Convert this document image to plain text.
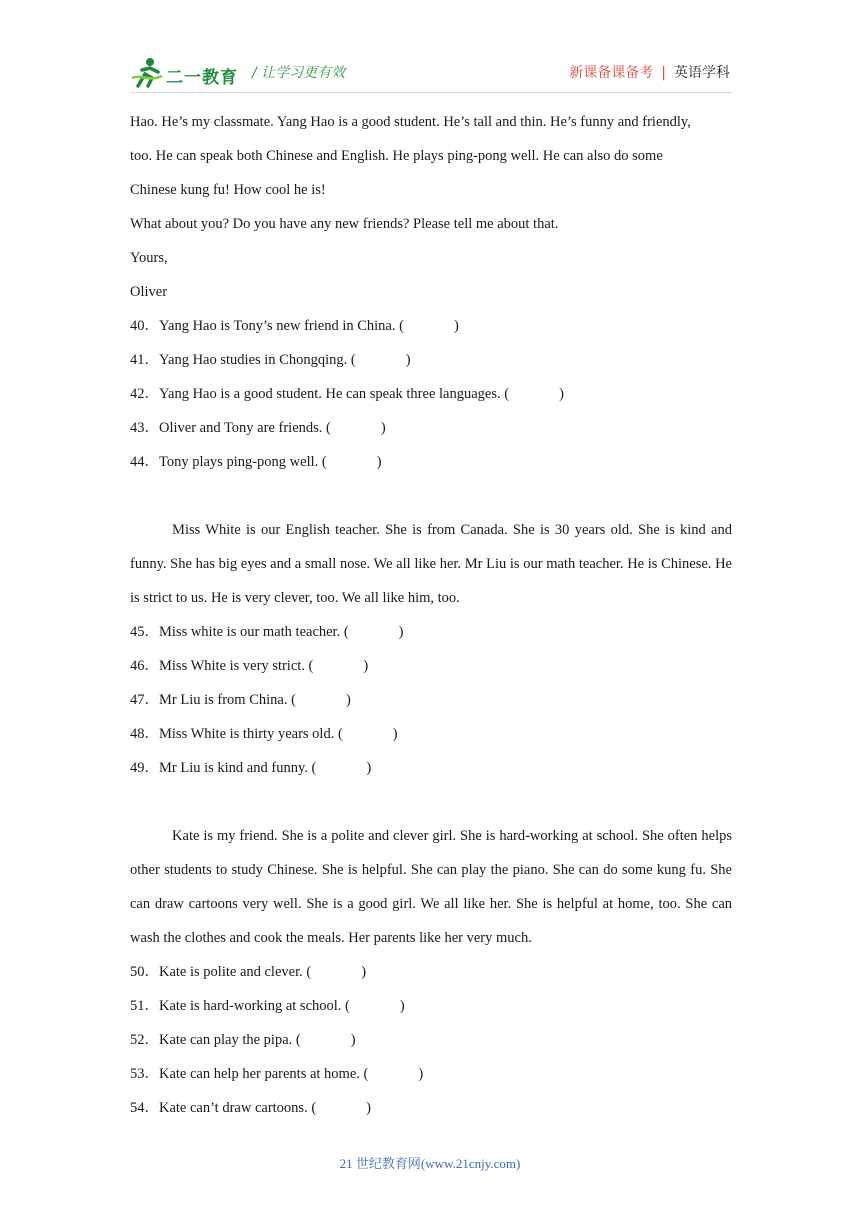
二一教育 / 让学习更有效	新课备课备考 | 英语学科
Hao. He’s my classmate. Yang Hao is a good student. He’s tall and thin. He’s funny and friendly,
too. He can speak both Chinese and English. He plays ping-pong well. He can also do some
Chinese kung fu! How cool he is!
What about you? Do you have any new friends? Please tell me about that.
Yours,
Oliver
40．Yang Hao is Tony’s new friend in China. (	)
41．Yang Hao studies in Chongqing. (	)
42．Yang Hao is a good student. He can speak three languages. (	)
43．Oliver and Tony are friends. (	)
44．Tony plays ping-pong well. (	)
Miss White is our English teacher. She is from Canada. She is 30 years old. She is kind and funny. She has big eyes and a small nose. We all like her. Mr Liu is our math teacher. He is Chinese. He is strict to us. He is very clever, too. We all like him, too.
45．Miss white is our math teacher. (	)
46．Miss White is very strict. (	)
47．Mr Liu is from China. (	)
48．Miss White is thirty years old. (	)
49．Mr Liu is kind and funny. (	)
Kate is my friend. She is a polite and clever girl. She is hard-working at school. She often helps other students to study Chinese. She is helpful. She can play the piano. She can do some kung fu. She can draw cartoons very well. She is a good girl. We all like her. She is helpful at home, too. She can wash the clothes and cook the meals. Her parents like her very much.
50．Kate is polite and clever. (	)
51．Kate is hard-working at school. (	)
52．Kate can play the pipa. (	)
53．Kate can help her parents at home. (	)
54．Kate can’t draw cartoons. (	)
21 世纪教育网(www.21cnjy.com)
